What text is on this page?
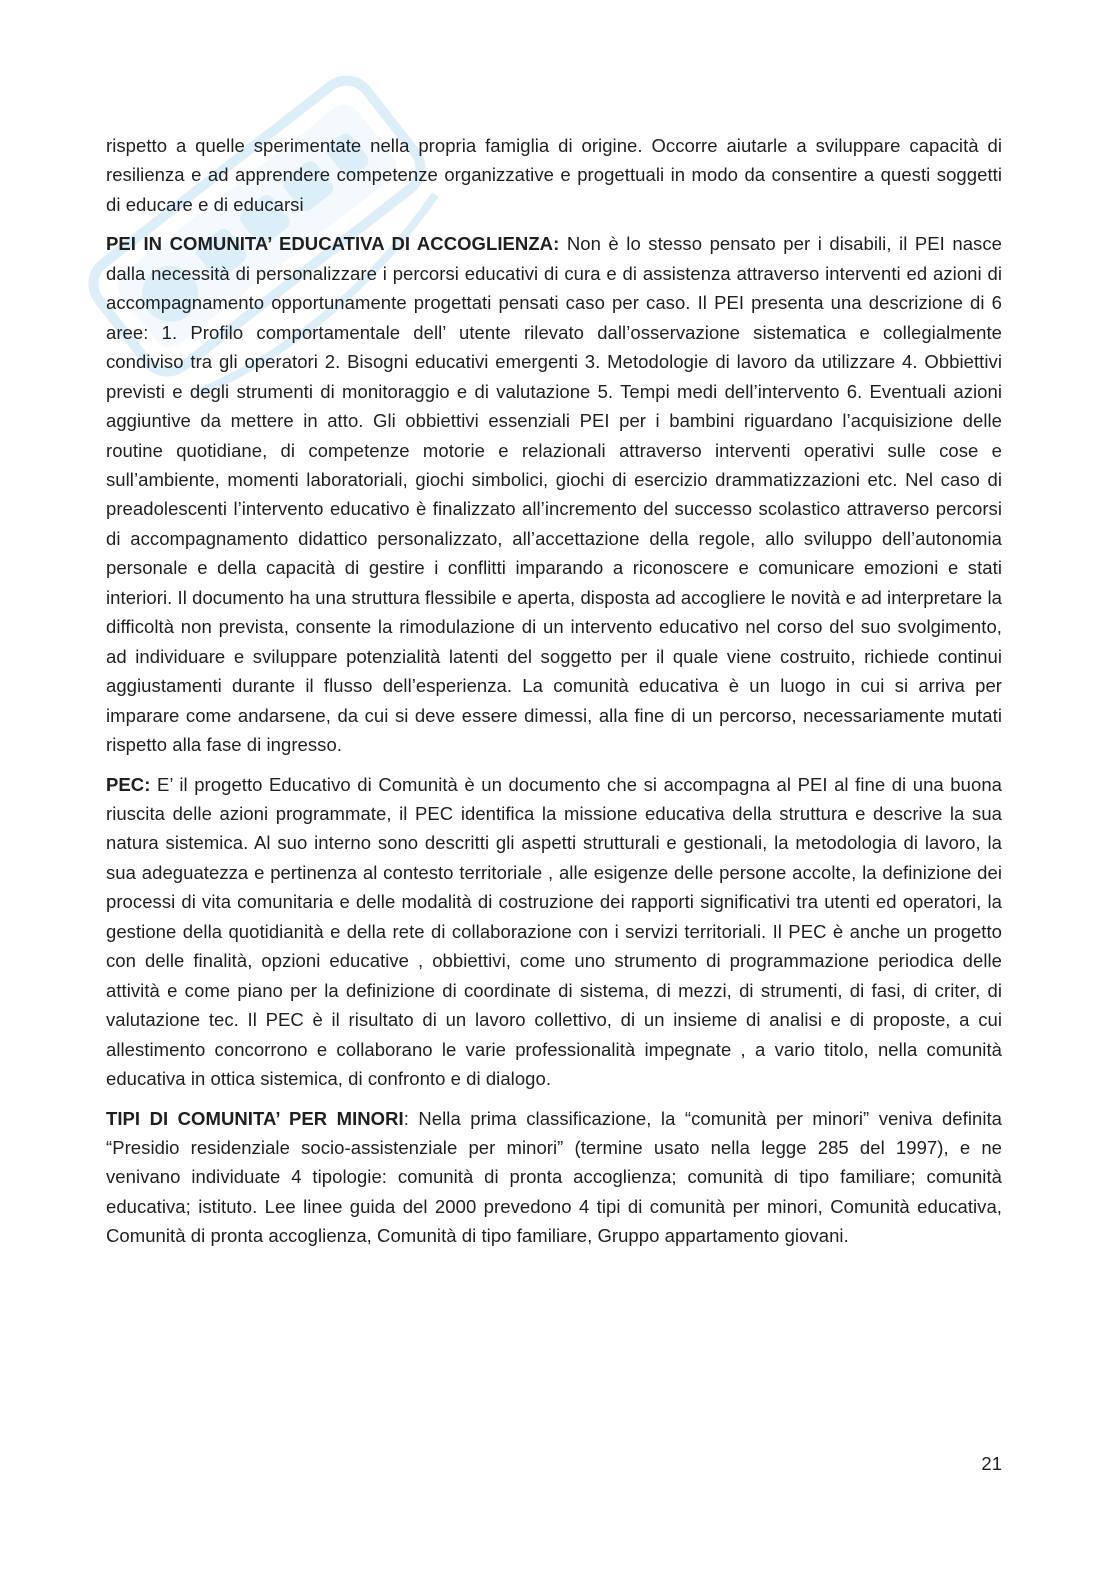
rispetto a quelle sperimentate nella propria famiglia di origine. Occorre aiutarle a sviluppare capacità di resilienza e ad apprendere competenze organizzative e progettuali in modo da consentire a questi soggetti di educare e di educarsi

PEI IN COMUNITA’ EDUCATIVA DI ACCOGLIENZA: Non è lo stesso pensato per i disabili, il PEI nasce dalla necessità di personalizzare i percorsi educativi di cura e di assistenza attraverso interventi ed azioni di accompagnamento opportunamente progettati pensati caso per caso. Il PEI presenta una descrizione di 6 aree: 1. Profilo comportamentale dell’ utente rilevato dall’osservazione sistematica e collegialmente condiviso tra gli operatori 2. Bisogni educativi emergenti 3. Metodologie di lavoro da utilizzare 4. Obbiettivi previsti e degli strumenti di monitoraggio e di valutazione 5. Tempi medi dell’intervento 6. Eventuali azioni aggiuntive da mettere in atto. Gli obbiettivi essenziali PEI per i bambini riguardano l’acquisizione delle routine quotidiane, di competenze motorie e relazionali attraverso interventi operativi sulle cose e sull’ambiente, momenti laboratoriali, giochi simbolici, giochi di esercizio drammatizzazioni etc. Nel caso di preadolescenti l’intervento educativo è finalizzato all’incremento del successo scolastico attraverso percorsi di accompagnamento didattico personalizzato, all’accettazione della regole, allo sviluppo dell’autonomia personale e della capacità di gestire i conflitti imparando a riconoscere e comunicare emozioni e stati interiori. Il documento ha una struttura flessibile e aperta, disposta ad accogliere le novità e ad interpretare la difficoltà non prevista, consente la rimodulazione di un intervento educativo nel corso del suo svolgimento, ad individuare e sviluppare potenzialità latenti del soggetto per il quale viene costruito, richiede continui aggiustamenti durante il flusso dell’esperienza. La comunità educativa è un luogo in cui si arriva per imparare come andarsene, da cui si deve essere dimessi, alla fine di un percorso, necessariamente mutati rispetto alla fase di ingresso.

PEC: E’ il progetto Educativo di Comunità è un documento che si accompagna al PEI al fine di una buona riuscita delle azioni programmate, il PEC identifica la missione educativa della struttura e descrive la sua natura sistemica. Al suo interno sono descritti gli aspetti strutturali e gestionali, la metodologia di lavoro, la sua adeguatezza e pertinenza al contesto territoriale , alle esigenze delle persone accolte, la definizione dei processi di vita comunitaria e delle modalità di costruzione dei rapporti significativi tra utenti ed operatori, la gestione della quotidianità e della rete di collaborazione con i servizi territoriali. Il PEC è anche un progetto con delle finalità, opzioni educative , obbiettivi, come uno strumento di programmazione periodica delle attività e come piano per la definizione di coordinate di sistema, di mezzi, di strumenti, di fasi, di criter, di valutazione tec. Il PEC è il risultato di un lavoro collettivo, di un insieme di analisi e di proposte, a cui allestimento concorrono e collaborano le varie professionalità impegnate , a vario titolo, nella comunità educativa in ottica sistemica, di confronto e di dialogo.

TIPI DI COMUNITA’ PER MINORI: Nella prima classificazione, la “comunità per minori” veniva definita “Presidio residenziale socio-assistenziale per minori” (termine usato nella legge 285 del 1997), e ne venivano individuate 4 tipologie: comunità di pronta accoglienza; comunità di tipo familiare; comunità educativa; istituto. Lee linee guida del 2000 prevedono 4 tipi di comunità per minori, Comunità educativa, Comunità di pronta accoglienza, Comunità di tipo familiare, Gruppo appartamento giovani.

21
